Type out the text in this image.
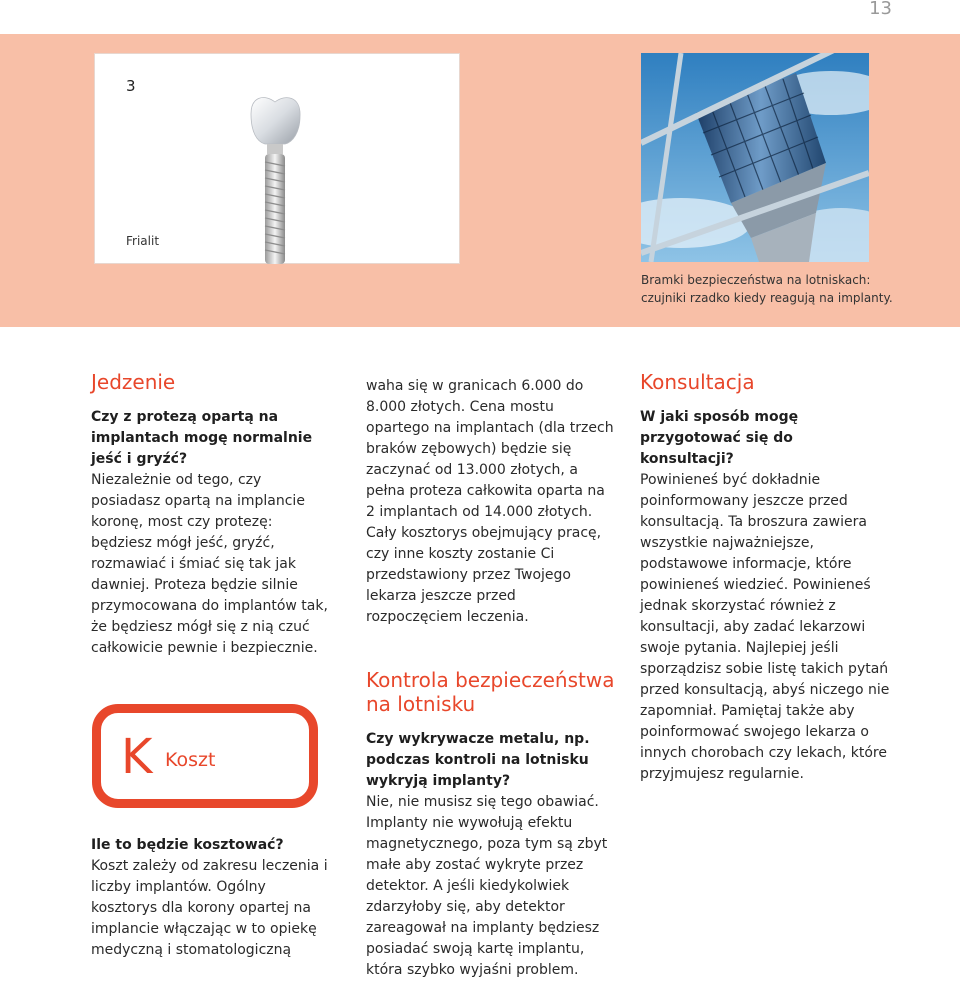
13
3
Frialit
Bramki bezpieczeństwa na lotniskach:
czujniki rzadko kiedy reagują na implanty.
Jedzenie

Czy z protezą opartą na implantach mogę normalnie jeść i gryźć?

Niezależnie od tego, czy posiadasz opartą na implancie koronę, most czy protezę: będziesz mógł jeść, gryźć, rozmawiać i śmiać się tak jak dawniej. Proteza będzie silnie przymocowana do implantów tak, że będziesz mógł się z nią czuć całkowicie pewnie i bezpiecznie.

K Koszt

Ile to będzie kosztować?

Koszt zależy od zakresu leczenia i liczby implantów. Ogólny kosztorys dla korony opartej na implancie włączając w to opiekę medyczną i stomatologiczną

waha się w granicach 6.000 do 8.000 złotych. Cena mostu opartego na implantach (dla trzech braków zębowych) będzie się zaczynać od 13.000 złotych, a pełna proteza całkowita oparta na 2 implantach od 14.000 złotych. Cały kosztorys obejmujący pracę, czy inne koszty zostanie Ci przedstawiony przez Twojego lekarza jeszcze przed rozpoczęciem leczenia.

Kontrola bezpieczeństwa na lotnisku

Czy wykrywacze metalu, np. podczas kontroli na lotnisku wykryją implanty?

Nie, nie musisz się tego obawiać. Implanty nie wywołują efektu magnetycznego, poza tym są zbyt małe aby zostać wykryte przez detektor. A jeśli kiedykolwiek zdarzyłoby się, aby detektor zareagował na implanty będziesz posiadać swoją kartę implantu, która szybko wyjaśni problem.

Konsultacja

W jaki sposób mogę przygotować się do konsultacji?

Powinieneś być dokładnie poinformowany jeszcze przed konsultacją. Ta broszura zawiera wszystkie najważniejsze, podstawowe informacje, które powinieneś wiedzieć. Powinieneś jednak skorzystać również z konsultacji, aby zadać lekarzowi swoje pytania. Najlepiej jeśli sporządzisz sobie listę takich pytań przed konsultacją, abyś niczego nie zapomniał. Pamiętaj także aby poinformować swojego lekarza o innych chorobach czy lekach, które przyjmujesz regularnie.
